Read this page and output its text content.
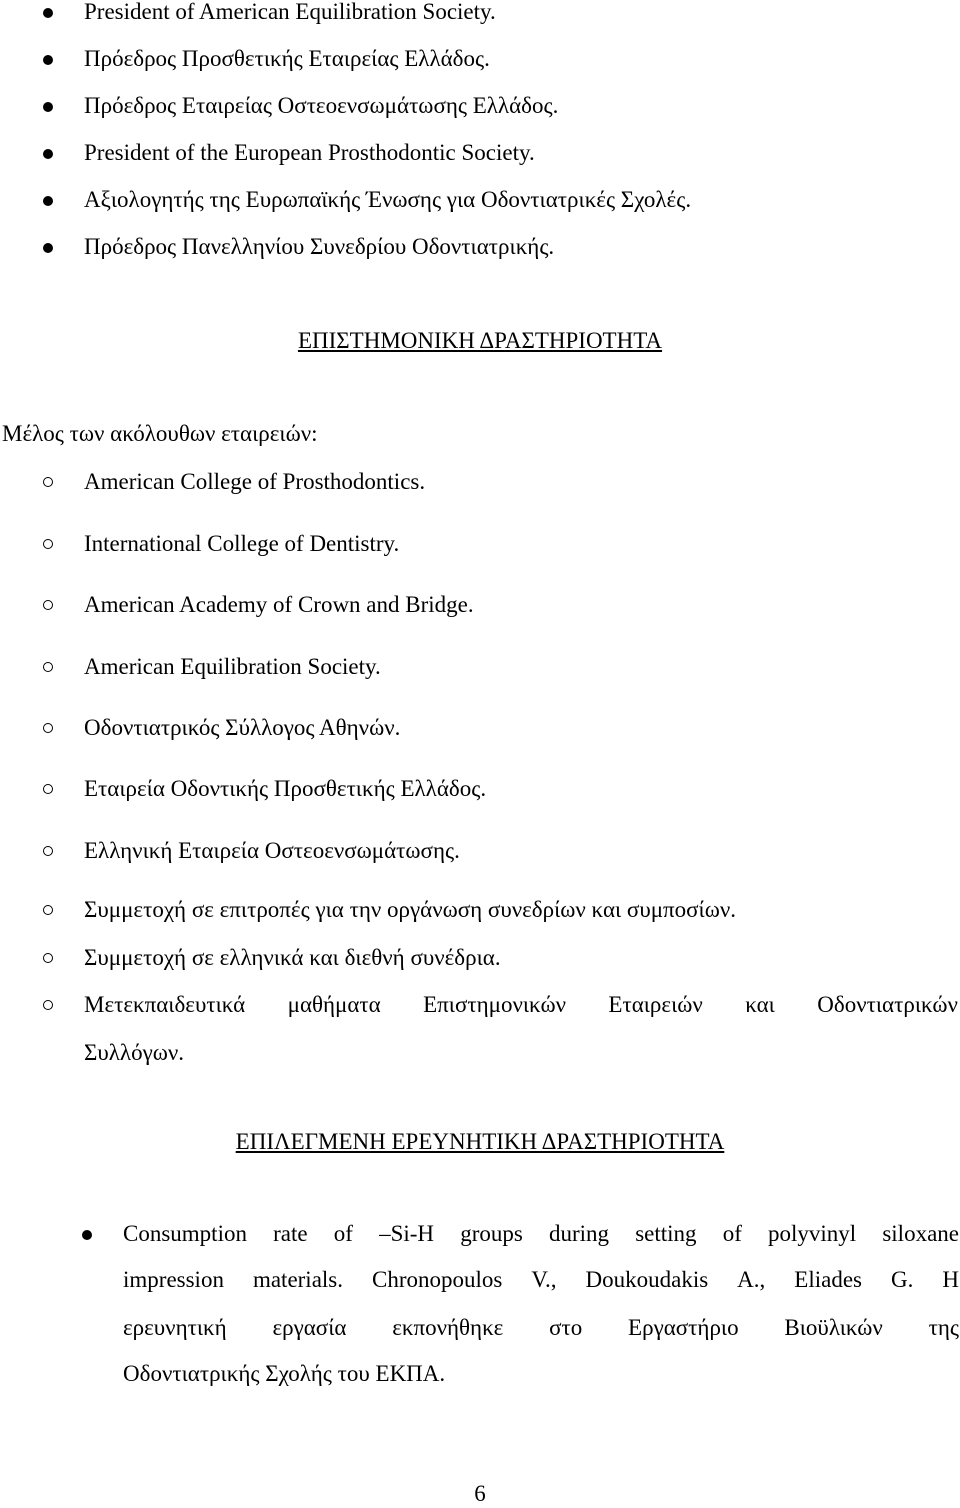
President of American Equilibration Society.
Πρόεδρος Προσθετικής Εταιρείας Ελλάδος.
Πρόεδρος Εταιρείας Οστεοενσωμάτωσης Ελλάδος.
President of the European Prosthodontic Society.
Αξιολογητής της Ευρωπαϊκής Ένωσης για Οδοντιατρικές Σχολές.
Πρόεδρος Πανελληνίου Συνεδρίου Οδοντιατρικής.
ΕΠΙΣΤΗΜΟΝΙΚΗ ΔΡΑΣΤΗΡΙΟΤΗΤΑ
Μέλος των ακόλουθων εταιρειών:
American College of Prosthodontics.
International College of Dentistry.
American Academy of Crown and Bridge.
American Equilibration Society.
Οδοντιατρικός Σύλλογος Αθηνών.
Εταιρεία Οδοντικής Προσθετικής Ελλάδος.
Ελληνική Εταιρεία Οστεοενσωμάτωσης.
Συμμετοχή σε επιτροπές για την οργάνωση συνεδρίων και συμποσίων.
Συμμετοχή σε ελληνικά και διεθνή συνέδρια.
Μετεκπαιδευτικά μαθήματα Επιστημονικών Εταιρειών και Οδοντιατρικών
Συλλόγων.
ΕΠΙΛΕΓΜΕΝΗ ΕΡΕΥΝΗΤΙΚΗ ΔΡΑΣΤΗΡΙΟΤΗΤΑ
Consumption rate of –Si-H groups during setting of polyvinyl siloxane
impression materials. Chronopoulos V., Doukoudakis A., Eliades G. Η
ερευνητική εργασία εκπονήθηκε στο Εργαστήριο Βιοϋλικών της
Οδοντιατρικής Σχολής του ΕΚΠΑ.
6
